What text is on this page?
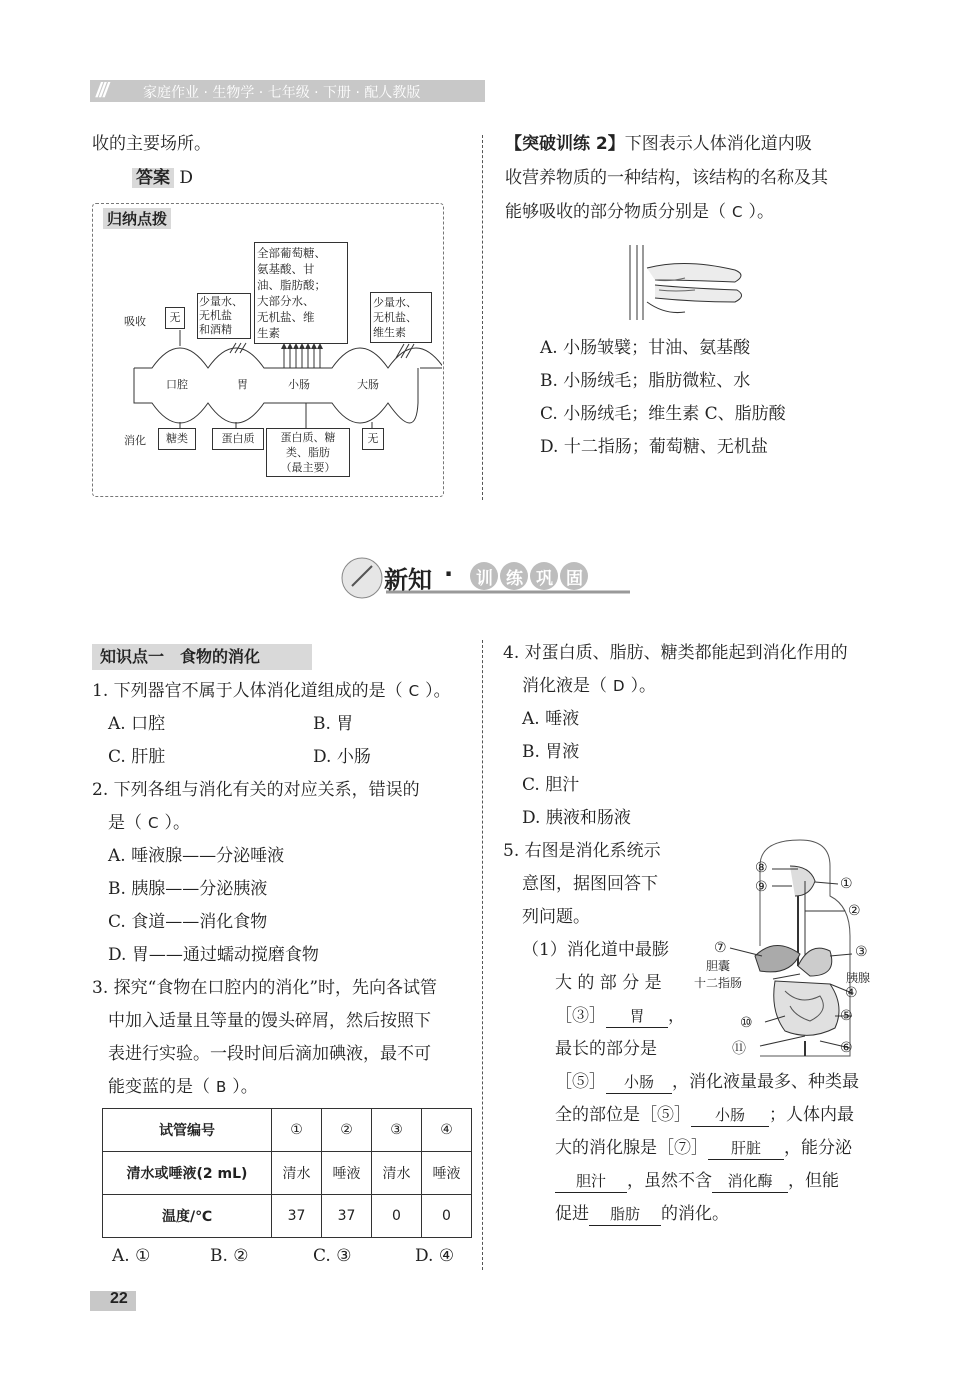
///	家庭作业 · 生物学 · 七年级 · 下册 · 配人教版
收的主要场所。
答案 D
归纳点拨
吸收	无
少量水、
无机盐
和酒精
全部葡萄糖、
氨基酸、甘
油、脂肪酸；
大部分水、
无机盐、维
生素
少量水、
无机盐、
维生素
口腔	胃	小肠	大肠
消化	糖类	蛋白质	蛋白质、糖
类、脂肪
（最主要）
无
【突破训练 2】下图表示人体消化道内吸
收营养物质的一种结构，该结构的名称及其
能够吸收的部分物质分别是（ C ）。
A. 小肠皱襞；甘油、氨基酸
B. 小肠绒毛；脂肪微粒、水
C. 小肠绒毛；维生素 C、脂肪酸
D. 十二指肠；葡萄糖、无机盐
新知 · 训 练 巩 固
知识点一　食物的消化
1. 下列器官不属于人体消化道组成的是（ C ）。
A. 口腔	B. 胃
C. 肝脏	D. 小肠
2. 下列各组与消化有关的对应关系，错误的
是（ C ）。
A. 唾液腺——分泌唾液
B. 胰腺——分泌胰液
C. 食道——消化食物
D. 胃——通过蠕动搅磨食物
3. 探究“食物在口腔内的消化”时，先向各试管
中加入适量且等量的馒头碎屑，然后按照下
表进行实验。一段时间后滴加碘液，最不可
能变蓝的是（ B ）。
试管编号	①	②	③	④
清水或唾液(2 mL)	清水	唾液	清水	唾液
温度/℃	37	37	0	0
A. ①	B. ②	C. ③	D. ④
4. 对蛋白质、脂肪、糖类都能起到消化作用的
消化液是（ D ）。
A. 唾液
B. 胃液
C. 胆汁
D. 胰液和肠液
5. 右图是消化系统示
意图，据图回答下
列问题。
（1）消化道中最膨
大 的 部 分 是
［③］ 胃 ，
最长的部分是
［⑤］ 小肠 ，消化液量最多、种类最
全的部位是［⑤］ 小肠 ；人体内最
大的消化腺是［⑦］ 肝脏 ，能分泌
胆汁 ，虽然不含 消化酶 ，但能
促进 脂肪 的消化。
⑧
⑨	①
②
⑦	③
胆囊
胰腺
十二指肠
④
⑩	⑤
⑪	⑥
22
